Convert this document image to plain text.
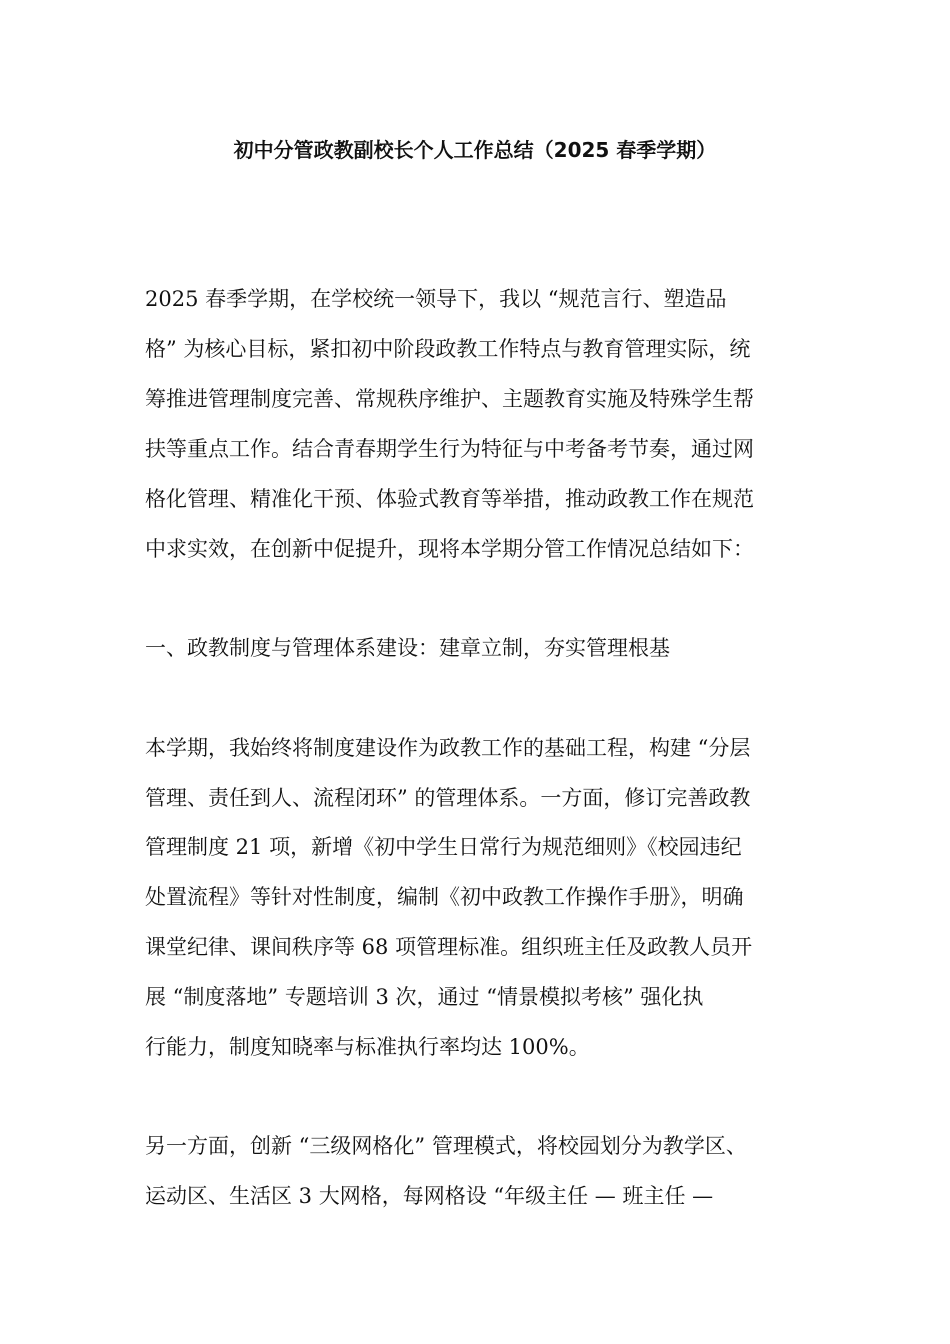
初中分管政教副校长个人工作总结（2025 春季学期）

2025 春季学期，在学校统一领导下，我以 “规范言行、塑造品

格” 为核心目标，紧扣初中阶段政教工作特点与教育管理实际，统

筹推进管理制度完善、常规秩序维护、主题教育实施及特殊学生帮

扶等重点工作。结合青春期学生行为特征与中考备考节奏，通过网

格化管理、精准化干预、体验式教育等举措，推动政教工作在规范

中求实效，在创新中促提升，现将本学期分管工作情况总结如下：

一、政教制度与管理体系建设：建章立制，夯实管理根基

本学期，我始终将制度建设作为政教工作的基础工程，构建 “分层

管理、责任到人、流程闭环” 的管理体系。一方面，修订完善政教

管理制度 21 项，新增《初中学生日常行为规范细则》《校园违纪

处置流程》等针对性制度，编制《初中政教工作操作手册》，明确

课堂纪律、课间秩序等 68 项管理标准。组织班主任及政教人员开

展 “制度落地” 专题培训 3 次，通过 “情景模拟考核” 强化执

行能力，制度知晓率与标准执行率均达 100%。

另一方面，创新 “三级网格化” 管理模式，将校园划分为教学区、

运动区、生活区 3 大网格，每网格设 “年级主任 — 班主任 —
